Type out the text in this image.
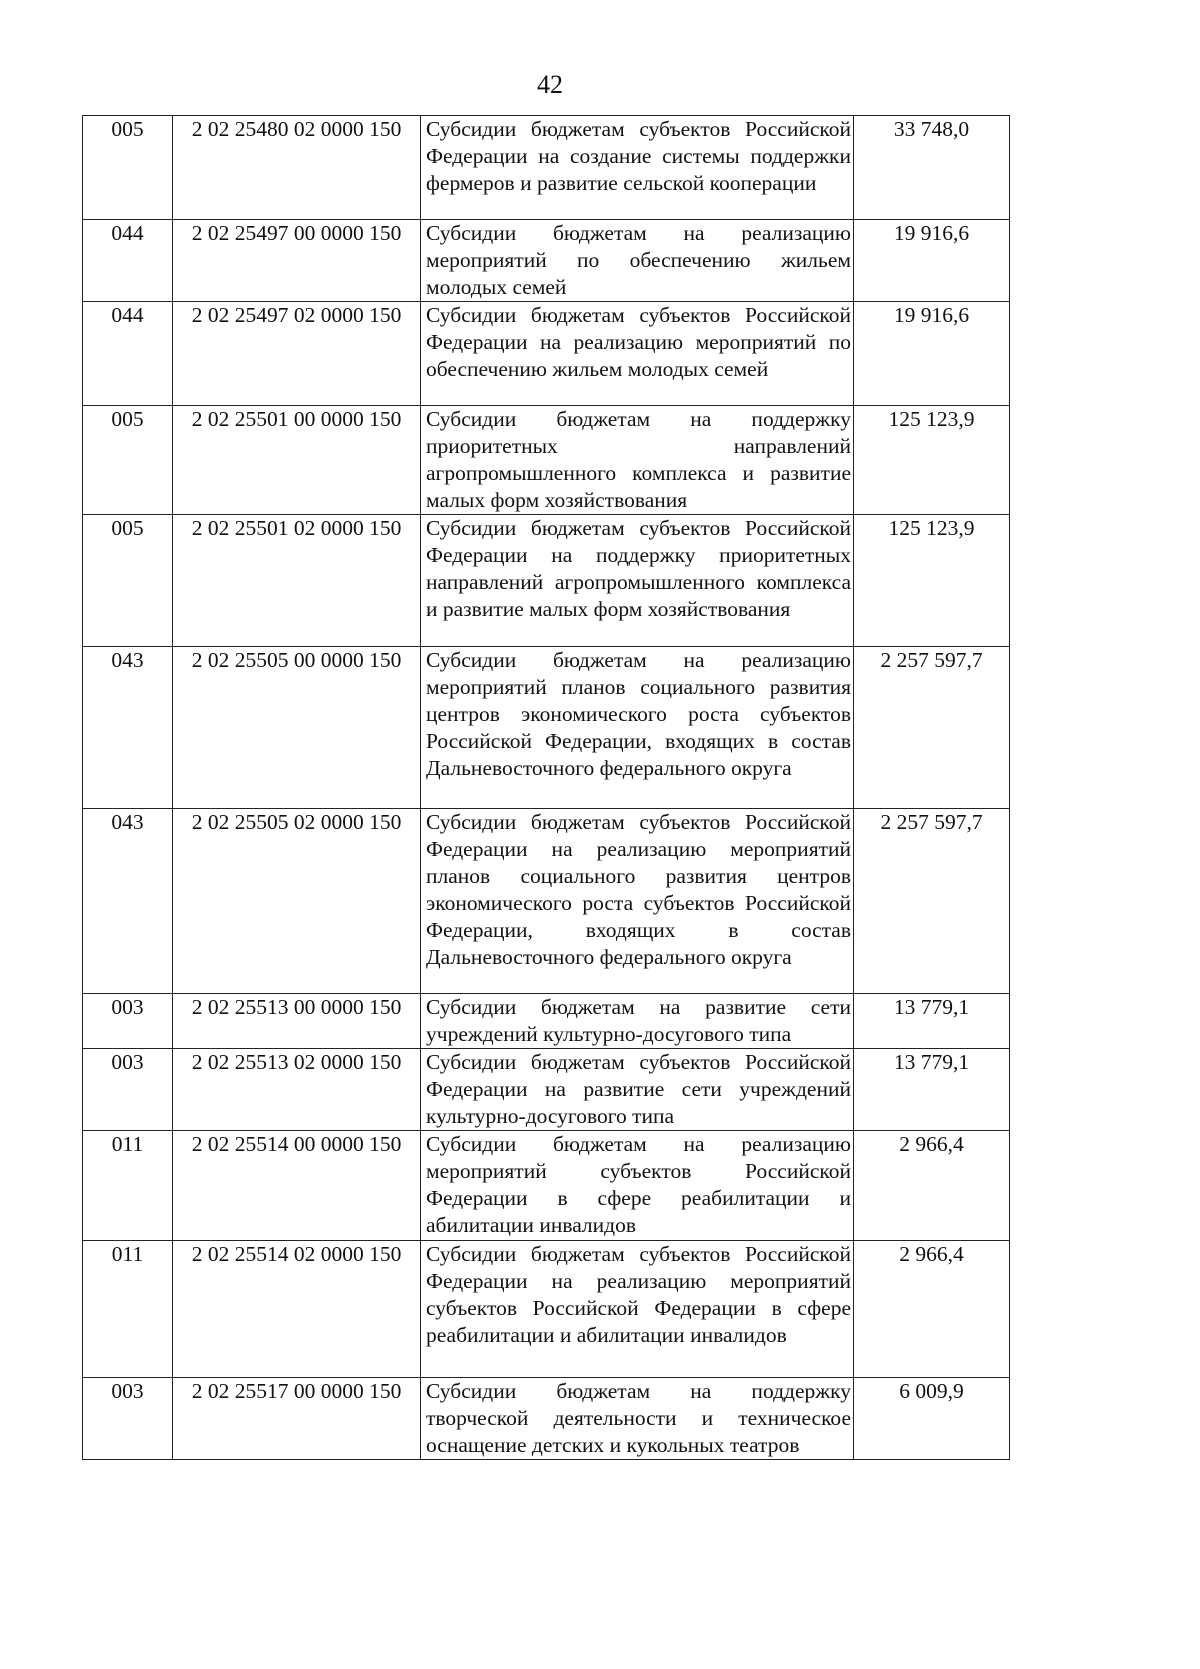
42
005	2 02 25480 02 0000 150	Субсидии бюджетам субъектов Российской Федерации на создание системы поддержки фермеров и развитие сельской кооперации	33 748,0
044	2 02 25497 00 0000 150	Субсидии бюджетам на реализацию мероприятий по обеспечению жильем молодых семей	19 916,6
044	2 02 25497 02 0000 150	Субсидии бюджетам субъектов Российской Федерации на реализацию мероприятий по обеспечению жильем молодых семей	19 916,6
005	2 02 25501 00 0000 150	Субсидии бюджетам на поддержку приоритетных направлений агропромышленного комплекса и развитие малых форм хозяйствования	125 123,9
005	2 02 25501 02 0000 150	Субсидии бюджетам субъектов Российской Федерации на поддержку приоритетных направлений агропромышленного комплекса и развитие малых форм хозяйствования	125 123,9
043	2 02 25505 00 0000 150	Субсидии бюджетам на реализацию мероприятий планов социального развития центров экономического роста субъектов Российской Федерации, входящих в состав Дальневосточного федерального округа	2 257 597,7
043	2 02 25505 02 0000 150	Субсидии бюджетам субъектов Российской Федерации на реализацию мероприятий планов социального развития центров экономического роста субъектов Российской Федерации, входящих в состав Дальневосточного федерального округа	2 257 597,7
003	2 02 25513 00 0000 150	Субсидии бюджетам на развитие сети учреждений культурно-досугового типа	13 779,1
003	2 02 25513 02 0000 150	Субсидии бюджетам субъектов Российской Федерации на развитие сети учреждений культурно-досугового типа	13 779,1
011	2 02 25514 00 0000 150	Субсидии бюджетам на реализацию мероприятий субъектов Российской Федерации в сфере реабилитации и абилитации инвалидов	2 966,4
011	2 02 25514 02 0000 150	Субсидии бюджетам субъектов Российской Федерации на реализацию мероприятий субъектов Российской Федерации в сфере реабилитации и абилитации инвалидов	2 966,4
003	2 02 25517 00 0000 150	Субсидии бюджетам на поддержку творческой деятельности и техническое оснащение детских и кукольных театров	6 009,9
